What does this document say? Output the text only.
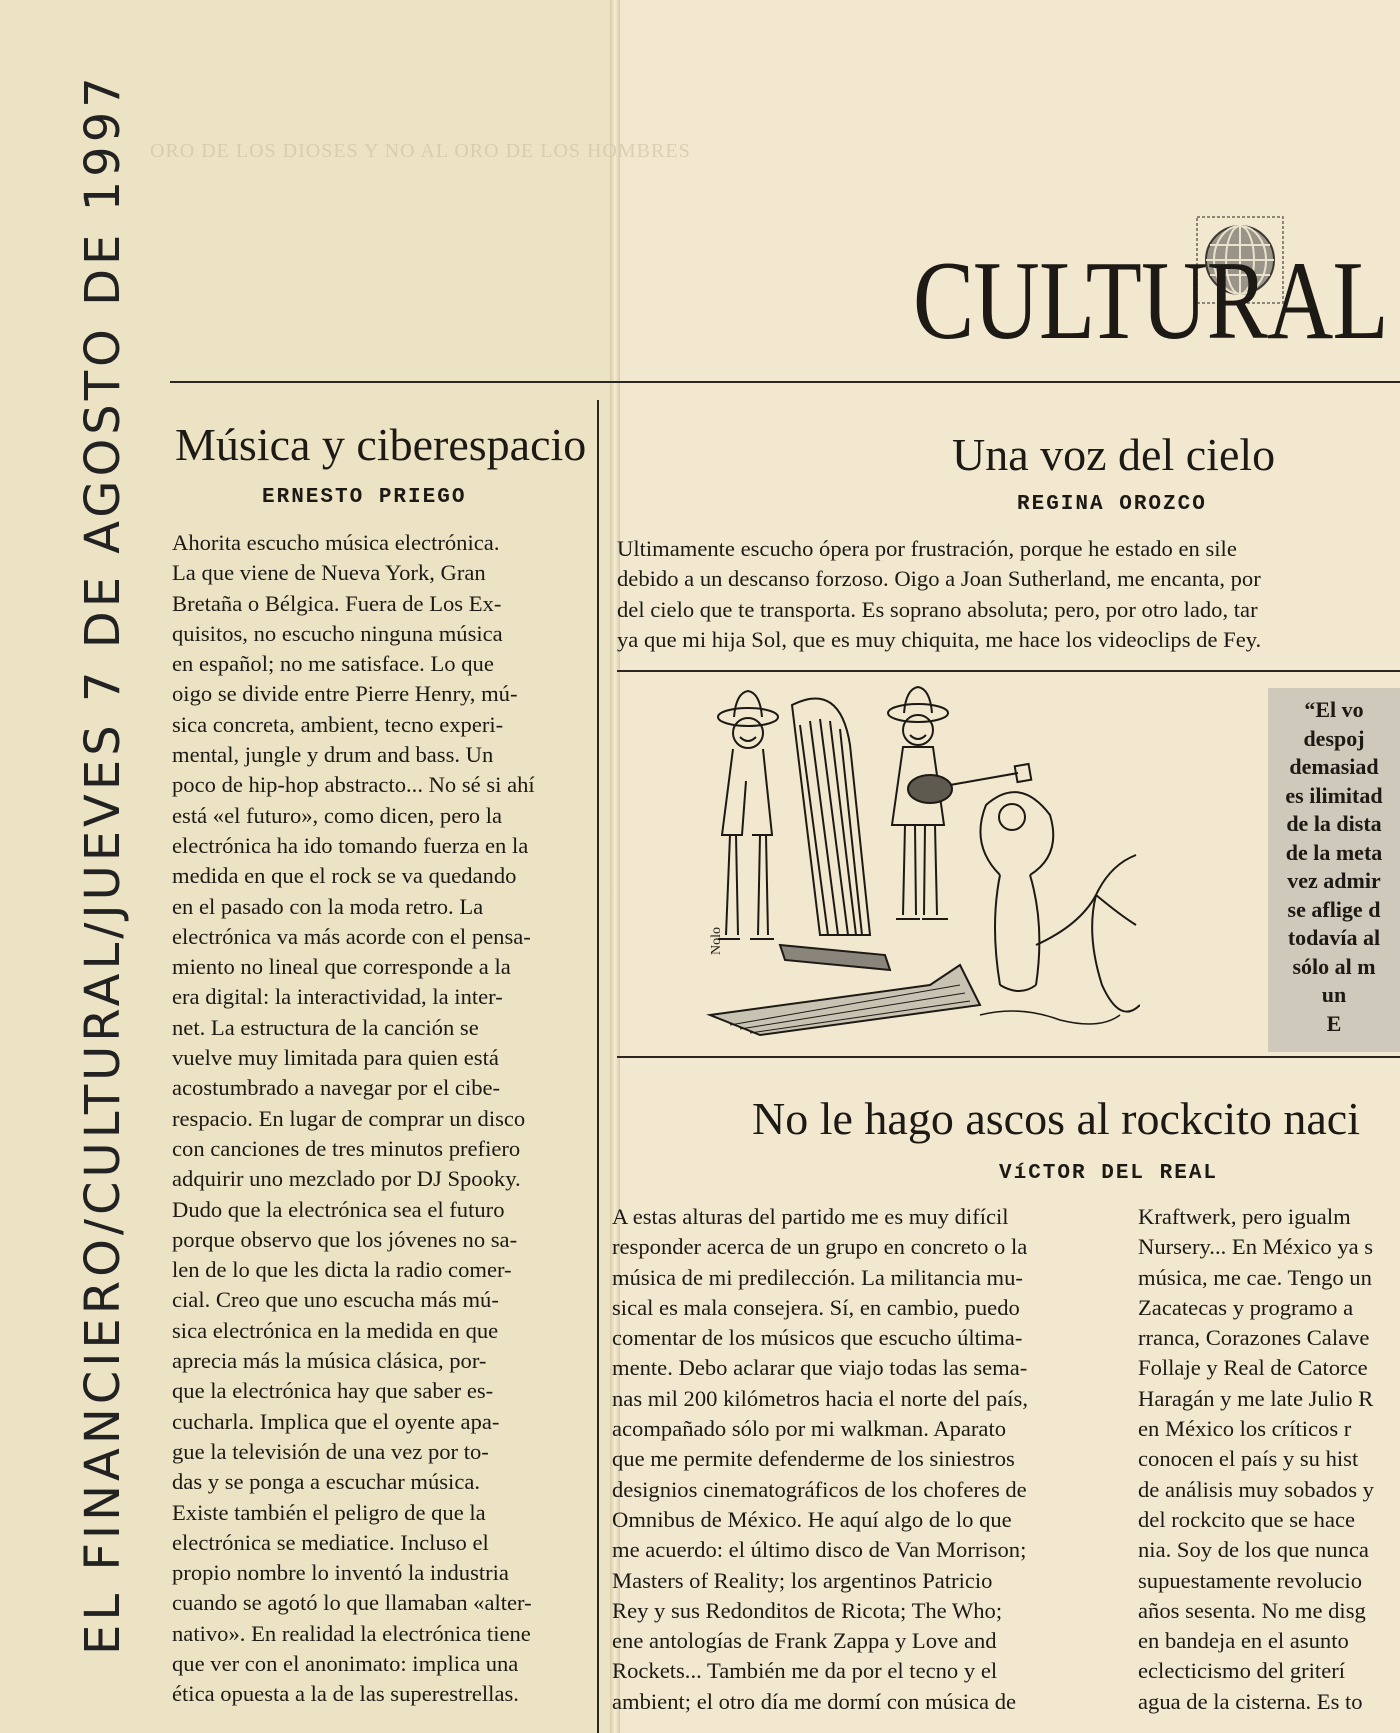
ORO DE LOS DIOSES Y NO AL ORO DE LOS HOMBRES
EL FINANCIERO/CULTURAL/JUEVES 7 DE AGOSTO DE 1997	CULTURAL
Música y ciberespacio
ERNESTO PRIEGO
Ahorita escucho música electrónica.
La que viene de Nueva York, Gran
Bretaña o Bélgica. Fuera de Los Ex-
quisitos, no escucho ninguna música
en español; no me satisface. Lo que
oigo se divide entre Pierre Henry, mú-
sica concreta, ambient, tecno experi-
mental, jungle y drum and bass. Un
poco de hip-hop abstracto... No sé si ahí
está «el futuro», como dicen, pero la
electrónica ha ido tomando fuerza en la
medida en que el rock se va quedando
en el pasado con la moda retro. La
electrónica va más acorde con el pensa-
miento no lineal que corresponde a la
era digital: la interactividad, la inter-
net. La estructura de la canción se
vuelve muy limitada para quien está
acostumbrado a navegar por el cibe-
respacio. En lugar de comprar un disco
con canciones de tres minutos prefiero
adquirir uno mezclado por DJ Spooky.
Dudo que la electrónica sea el futuro
porque observo que los jóvenes no sa-
len de lo que les dicta la radio comer-
cial. Creo que uno escucha más mú-
sica electrónica en la medida en que
aprecia más la música clásica, por-
que la electrónica hay que saber es-
cucharla. Implica que el oyente apa-
gue la televisión de una vez por to-
das y se ponga a escuchar música.
Existe también el peligro de que la
electrónica se mediatice. Incluso el
propio nombre lo inventó la industria
cuando se agotó lo que llamaban «alter-
nativo». En realidad la electrónica tiene
que ver con el anonimato: implica una
ética opuesta a la de las superestrellas.
Una voz del cielo
REGINA OROZCO
Ultimamente escucho ópera por frustración, porque he estado en sile
debido a un descanso forzoso. Oigo a Joan Sutherland, me encanta, por
del cielo que te transporta. Es soprano absoluta; pero, por otro lado, tar
ya que mi hija Sol, que es muy chiquita, me hace los videoclips de Fey.
Nolo
“El vo
despoj
demasiad
es ilimitad
de la dista
de la meta
vez admir
se aflige d
todavía al
sólo al m
un
E
No le hago ascos al rockcito naci
VíCTOR DEL REAL
A estas alturas del partido me es muy difícil
responder acerca de un grupo en concreto o la
música de mi predilección. La militancia mu-
sical es mala consejera. Sí, en cambio, puedo
comentar de los músicos que escucho última-
mente. Debo aclarar que viajo todas las sema-
nas mil 200 kilómetros hacia el norte del país,
acompañado sólo por mi walkman. Aparato
que me permite defenderme de los siniestros
designios cinematográficos de los choferes de
Omnibus de México. He aquí algo de lo que
me acuerdo: el último disco de Van Morrison;
Masters of Reality; los argentinos Patricio
Rey y sus Redonditos de Ricota; The Who;
ene antologías de Frank Zappa y Love and
Rockets... También me da por el tecno y el
ambient; el otro día me dormí con música de
Kraftwerk, pero igualm
Nursery... En México ya s
música, me cae. Tengo un
Zacatecas y programo a
rranca, Corazones Calave
Follaje y Real de Catorce
Haragán y me late Julio R
en México los críticos r
conocen el país y su hist
de análisis muy sobados y
del rockcito que se hace
nia. Soy de los que nunca
supuestamente revolucio
años sesenta. No me disg
en bandeja en el asunto
eclecticismo del griterí
agua de la cisterna. Es to
